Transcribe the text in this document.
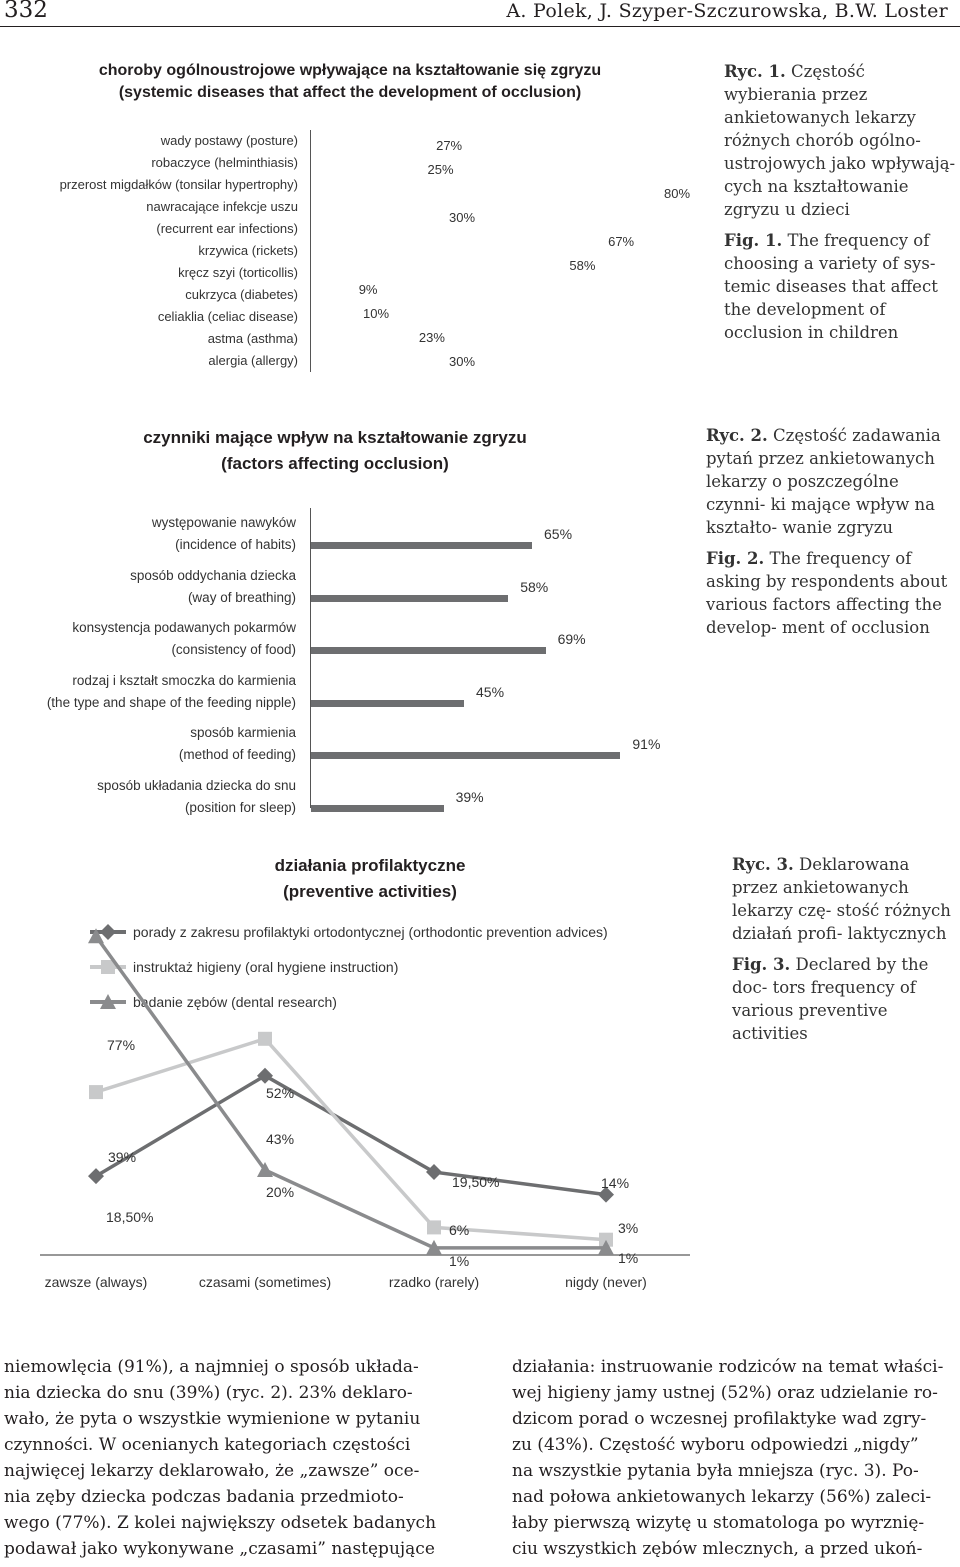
332	A. Polek, J. Szyper-Szczurowska, B.W. Loster
choroby ogólnoustrojowe wpływające na kształtowanie się zgryzu
(systemic diseases that affect the development of occlusion)
wady postawy (posture)
robaczyce (helminthiasis)
przerost migdałków (tonsilar hypertrophy)
nawracające infekcje uszu
(recurrent ear infections)
krzywica (rickets)
kręcz szyi (torticollis)
cukrzyca (diabetes)
celiaklia (celiac disease)
astma (asthma)
alergia (allergy)
27%
25%
80%
30%
67%
58%
9%
10%
23%
30%
Ryc. 1. Częstość wybierania przez ankietowanych lekarzy różnych chorób ogólno- ustrojowych jako wpływają- cych na kształtowanie zgryzu u dzieci
Fig. 1. The frequency of choosing a variety of sys- temic diseases that affect the development of occlusion in children
czynniki mające wpływ na kształtowanie zgryzu
(factors affecting occlusion)
występowanie nawyków
(incidence of habits)
65%
sposób oddychania dziecka
(way of breathing)
58%
konsystencja podawanych pokarmów
(consistency of food)
69%
rodzaj i kształt smoczka do karmienia
(the type and shape of the feeding nipple)
45%
sposób karmienia
(method of feeding)
91%
sposób układania dziecka do snu
(position for sleep)
39%
Ryc. 2. Częstość zadawania pytań przez ankietowanych lekarzy o poszczególne czynni- ki mające wpływ na kształto- wanie zgryzu
Fig. 2. The frequency of asking by respondents about various factors affecting the develop- ment of occlusion
działania profilaktyczne
(preventive activities)
porady z zakresu profilaktyki ortodontycznej (orthodontic prevention advices)
instruktaż higieny (oral hygiene instruction)
badanie zębów (dental research)
77%
52%
43%
39%
20%
18,50%
19,50%	14%
6%	3%
1%	1%
zawsze (always)	czasami (sometimes)	rzadko (rarely)	nigdy (never)
Ryc. 3. Deklarowana przez ankietowanych lekarzy czę- stość różnych działań profi- laktycznych
Fig. 3. Declared by the doc- tors frequency of various preventive activities
niemowlęcia (91%), a najmniej o sposób układa-
nia dziecka do snu (39%) (ryc. 2). 23% deklaro-
wało, że pyta o wszystkie wymienione w pytaniu
czynności. W ocenianych kategoriach częstości
najwięcej lekarzy deklarowało, że „zawsze” oce-
nia zęby dziecka podczas badania przedmioto-
wego (77%). Z kolei największy odsetek badanych
podawał jako wykonywane „czasami” następujące
działania: instruowanie rodziców na temat właści-
wej higieny jamy ustnej (52%) oraz udzielanie ro-
dzicom porad o wczesnej profilaktyke wad zgry-
zu (43%). Częstość wyboru odpowiedzi „nigdy”
na wszystkie pytania była mniejsza (ryc. 3). Po-
nad połowa ankietowanych lekarzy (56%) zaleci-
łaby pierwszą wizytę u stomatologa po wyrznię-
ciu wszystkich zębów mlecznych, a przed ukoń-
